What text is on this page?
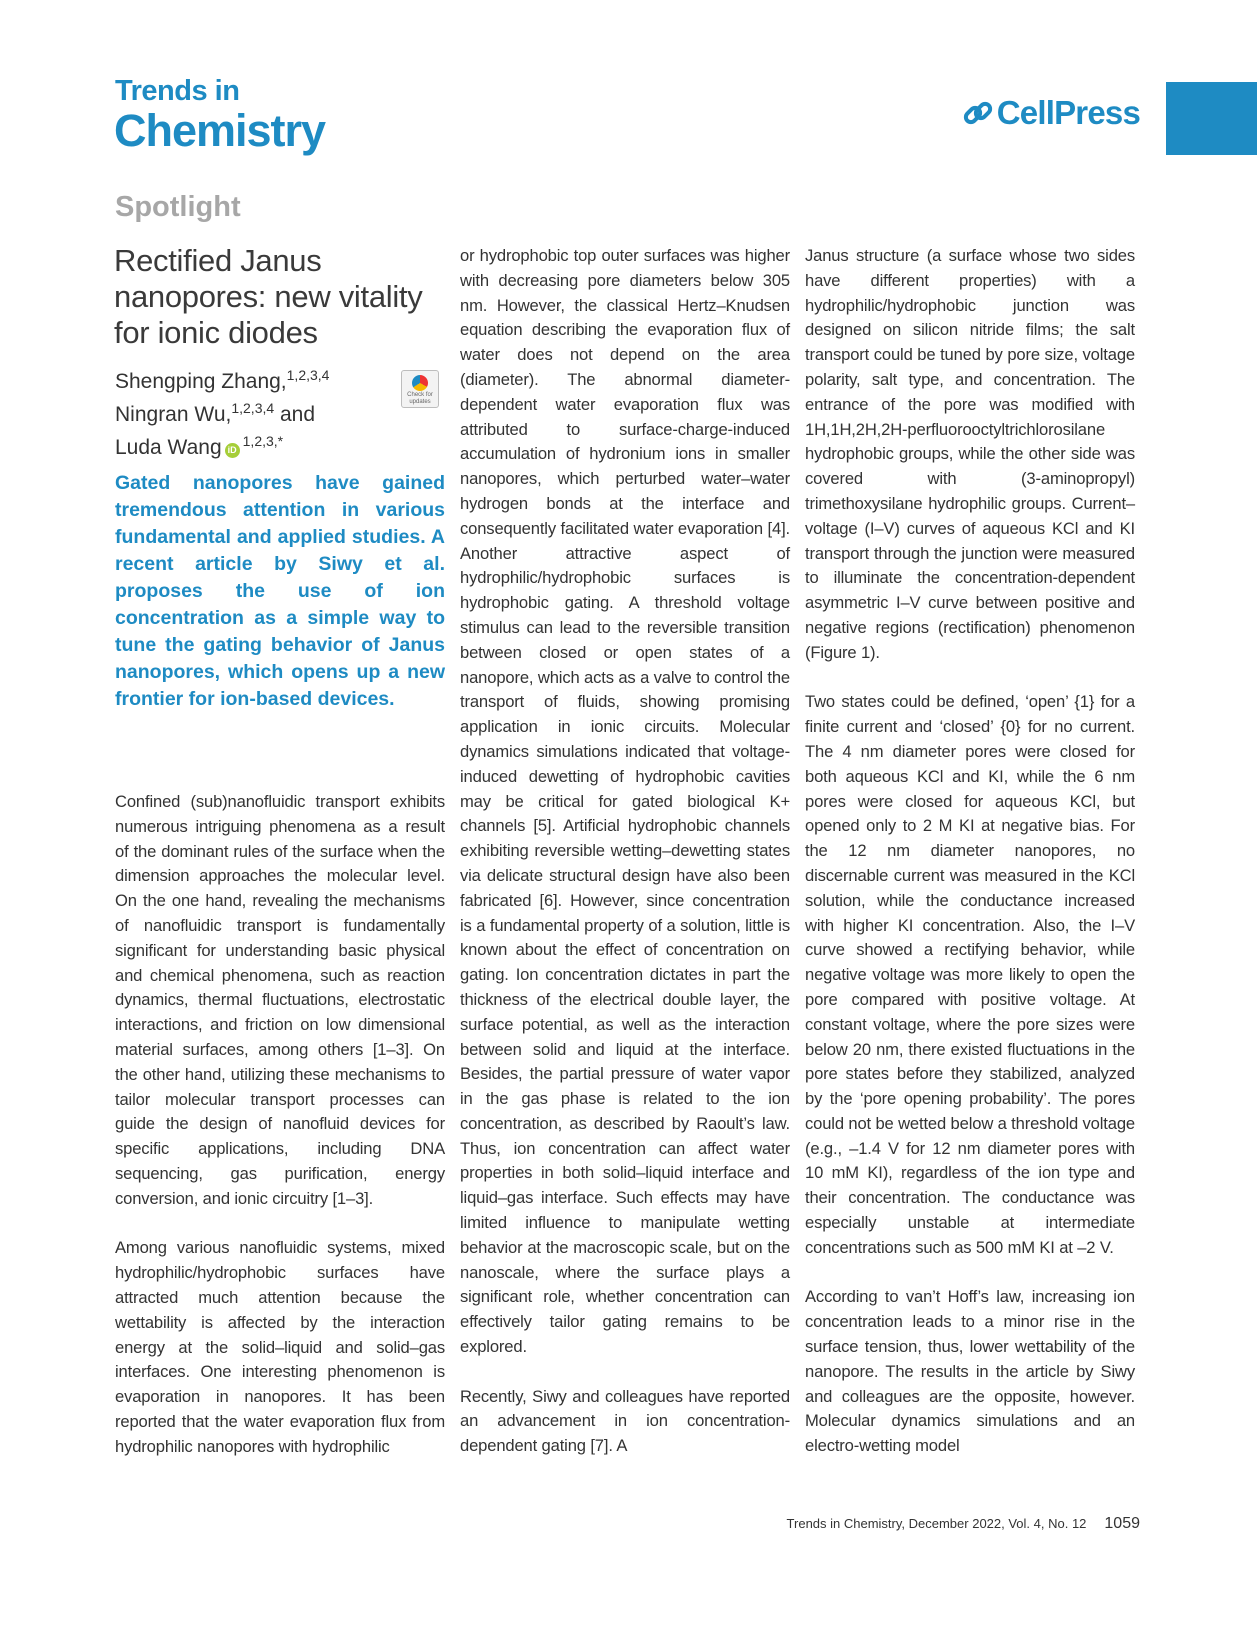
Trends in
Chemistry	CellPress
Spotlight
Rectified Janus nanopores: new vitality for ionic diodes
Shengping Zhang,$^{1,2,3,4}$
Ningran Wu,$^{1,2,3,4}$ and
Luda Wang $iD^{1,2,3,*}$
Check for updates
Gated nanopores have gained tremendous attention in various fundamental and applied studies. A recent article by Siwy et al. proposes the use of ion concentration as a simple way to tune the gating behavior of Janus nanopores, which opens up a new frontier for ion-based devices.

Confined (sub)nanofluidic transport exhibits numerous intriguing phenomena as a result of the dominant rules of the surface when the dimension approaches the molecular level. On the one hand, revealing the mechanisms of nanofluidic transport is fundamentally significant for understanding basic physical and chemical phenomena, such as reaction dynamics, thermal fluctuations, electrostatic interactions, and friction on low dimensional material surfaces, among others [1–3]. On the other hand, utilizing these mechanisms to tailor molecular transport processes can guide the design of nanofluid devices for specific applications, including DNA sequencing, gas purification, energy conversion, and ionic circuitry [1–3].

Among various nanofluidic systems, mixed hydrophilic/hydrophobic surfaces have attracted much attention because the wettability is affected by the interaction energy at the solid–liquid and solid–gas interfaces. One interesting phenomenon is evaporation in nanopores. It has been reported that the water evaporation flux from hydrophilic nanopores with hydrophilic

or hydrophobic top outer surfaces was higher with decreasing pore diameters below 305 nm. However, the classical Hertz–Knudsen equation describing the evaporation flux of water does not depend on the area (diameter). The abnormal diameter-dependent water evaporation flux was attributed to surface-charge-induced accumulation of hydronium ions in smaller nanopores, which perturbed water–water hydrogen bonds at the interface and consequently facilitated water evaporation [4]. Another attractive aspect of hydrophilic/hydrophobic surfaces is hydrophobic gating. A threshold voltage stimulus can lead to the reversible transition between closed or open states of a nanopore, which acts as a valve to control the transport of fluids, showing promising application in ionic circuits. Molecular dynamics simulations indicated that voltage-induced dewetting of hydrophobic cavities may be critical for gated biological K+ channels [5]. Artificial hydrophobic channels exhibiting reversible wetting–dewetting states via delicate structural design have also been fabricated [6]. However, since concentration is a fundamental property of a solution, little is known about the effect of concentration on gating. Ion concentration dictates in part the thickness of the electrical double layer, the surface potential, as well as the interaction between solid and liquid at the interface. Besides, the partial pressure of water vapor in the gas phase is related to the ion concentration, as described by Raoult’s law. Thus, ion concentration can affect water properties in both solid–liquid interface and liquid–gas interface. Such effects may have limited influence to manipulate wetting behavior at the macroscopic scale, but on the nanoscale, where the surface plays a significant role, whether concentration can effectively tailor gating remains to be explored.

Recently, Siwy and colleagues have reported an advancement in ion concentration-dependent gating [7]. A

Janus structure (a surface whose two sides have different properties) with a hydrophilic/hydrophobic junction was designed on silicon nitride films; the salt transport could be tuned by pore size, voltage polarity, salt type, and concentration. The entrance of the pore was modified with 1H,1H,2H,2H-perfluorooctyltrichlorosilane hydrophobic groups, while the other side was covered with (3-aminopropyl) trimethoxysilane hydrophilic groups. Current–voltage (I–V) curves of aqueous KCl and KI transport through the junction were measured to illuminate the concentration-dependent asymmetric I–V curve between positive and negative regions (rectification) phenomenon (Figure 1).

Two states could be defined, ‘open’ {1} for a finite current and ‘closed’ {0} for no current. The 4 nm diameter pores were closed for both aqueous KCl and KI, while the 6 nm pores were closed for aqueous KCl, but opened only to 2 M KI at negative bias. For the 12 nm diameter nanopores, no discernable current was measured in the KCl solution, while the conductance increased with higher KI concentration. Also, the I–V curve showed a rectifying behavior, while negative voltage was more likely to open the pore compared with positive voltage. At constant voltage, where the pore sizes were below 20 nm, there existed fluctuations in the pore states before they stabilized, analyzed by the ‘pore opening probability’. The pores could not be wetted below a threshold voltage (e.g., –1.4 V for 12 nm diameter pores with 10 mM KI), regardless of the ion type and their concentration. The conductance was especially unstable at intermediate concentrations such as 500 mM KI at –2 V.

According to van’t Hoff’s law, increasing ion concentration leads to a minor rise in the surface tension, thus, lower wettability of the nanopore. The results in the article by Siwy and colleagues are the opposite, however. Molecular dynamics simulations and an electro-wetting model

Trends in Chemistry, December 2022, Vol. 4, No. 12 1059
